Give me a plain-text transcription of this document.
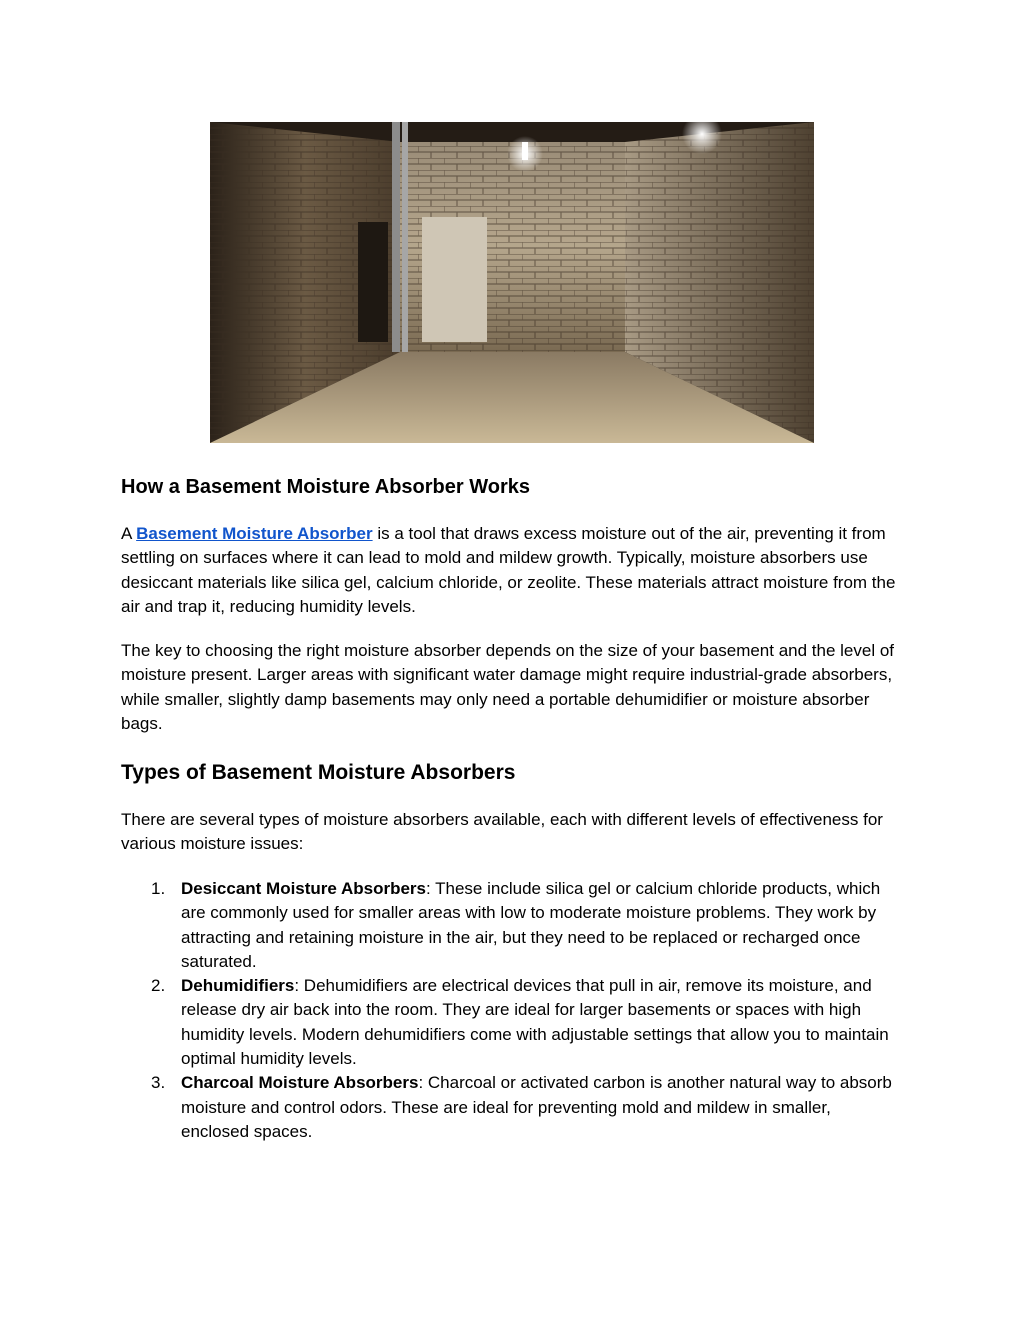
How a Basement Moisture Absorber Works

A Basement Moisture Absorber is a tool that draws excess moisture out of the air, preventing it from settling on surfaces where it can lead to mold and mildew growth. Typically, moisture absorbers use desiccant materials like silica gel, calcium chloride, or zeolite. These materials attract moisture from the air and trap it, reducing humidity levels.

The key to choosing the right moisture absorber depends on the size of your basement and the level of moisture present. Larger areas with significant water damage might require industrial-grade absorbers, while smaller, slightly damp basements may only need a portable dehumidifier or moisture absorber bags.

Types of Basement Moisture Absorbers

There are several types of moisture absorbers available, each with different levels of effectiveness for various moisture issues:

1. Desiccant Moisture Absorbers: These include silica gel or calcium chloride products, which are commonly used for smaller areas with low to moderate moisture problems. They work by attracting and retaining moisture in the air, but they need to be replaced or recharged once saturated.
2. Dehumidifiers: Dehumidifiers are electrical devices that pull in air, remove its moisture, and release dry air back into the room. They are ideal for larger basements or spaces with high humidity levels. Modern dehumidifiers come with adjustable settings that allow you to maintain optimal humidity levels.
3. Charcoal Moisture Absorbers: Charcoal or activated carbon is another natural way to absorb moisture and control odors. These are ideal for preventing mold and mildew in smaller, enclosed spaces.
